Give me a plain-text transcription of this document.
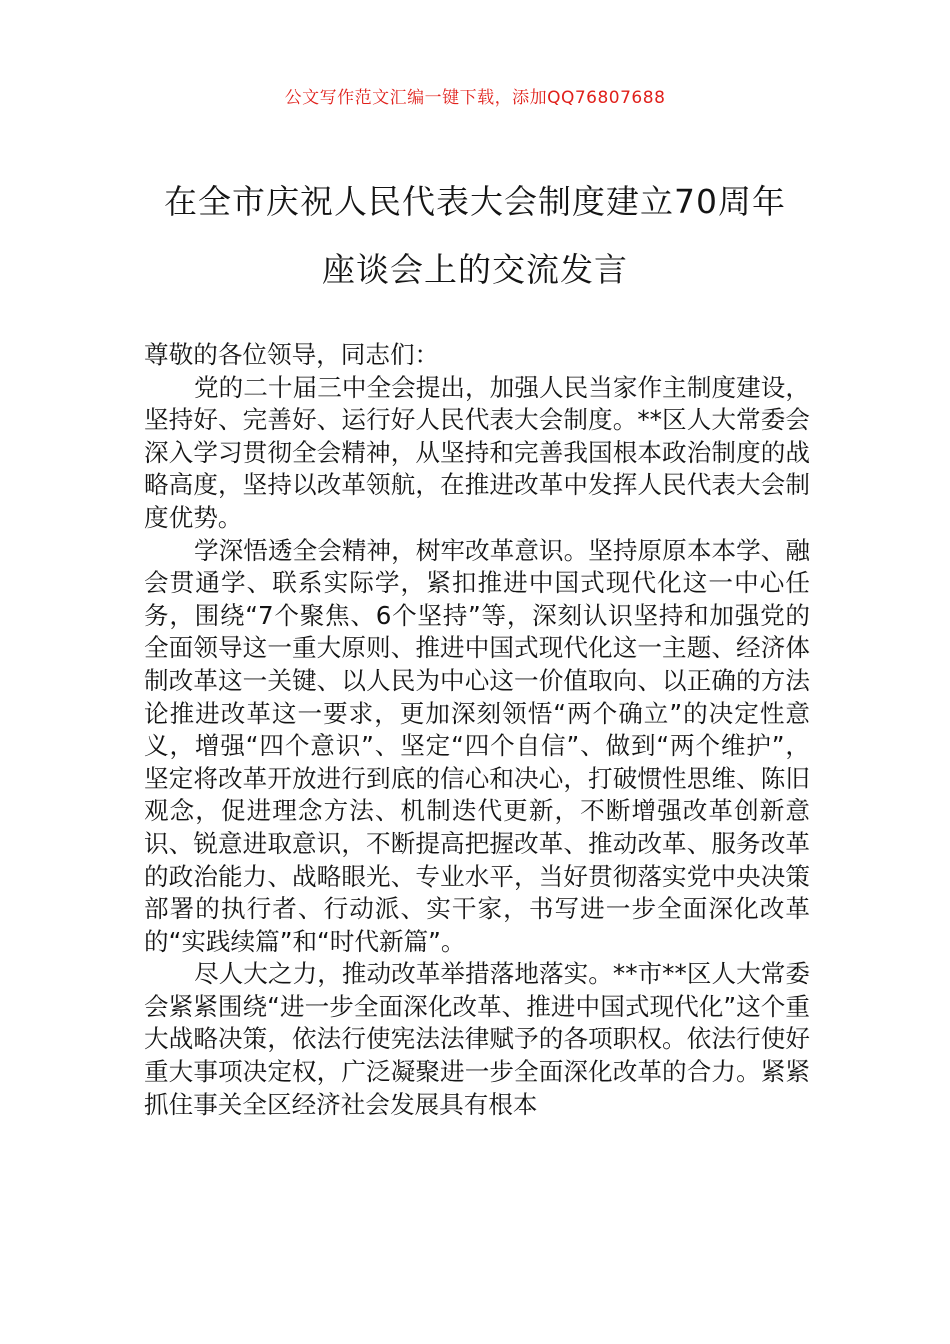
公文写作范文汇编一键下载，添加QQ76807688
在全市庆祝人民代表大会制度建立70周年
座谈会上的交流发言

尊敬的各位领导，同志们：

党的二十届三中全会提出，加强人民当家作主制度建设，坚持好、完善好、运行好人民代表大会制度。**区人大常委会深入学习贯彻全会精神，从坚持和完善我国根本政治制度的战略高度，坚持以改革领航，在推进改革中发挥人民代表大会制度优势。

学深悟透全会精神，树牢改革意识。坚持原原本本学、融会贯通学、联系实际学，紧扣推进中国式现代化这一中心任务，围绕“7个聚焦、6个坚持”等，深刻认识坚持和加强党的全面领导这一重大原则、推进中国式现代化这一主题、经济体制改革这一关键、以人民为中心这一价值取向、以正确的方法论推进改革这一要求，更加深刻领悟“两个确立”的决定性意义，增强“四个意识”、坚定“四个自信”、做到“两个维护”，坚定将改革开放进行到底的信心和决心，打破惯性思维、陈旧观念，促进理念方法、机制迭代更新，不断增强改革创新意识、锐意进取意识，不断提高把握改革、推动改革、服务改革的政治能力、战略眼光、专业水平，当好贯彻落实党中央决策部署的执行者、行动派、实干家，书写进一步全面深化改革的“实践续篇”和“时代新篇”。

尽人大之力，推动改革举措落地落实。**市**区人大常委会紧紧围绕“进一步全面深化改革、推进中国式现代化”这个重大战略决策，依法行使宪法法律赋予的各项职权。依法行使好重大事项决定权，广泛凝聚进一步全面深化改革的合力。紧紧抓住事关全区经济社会发展具有根本
